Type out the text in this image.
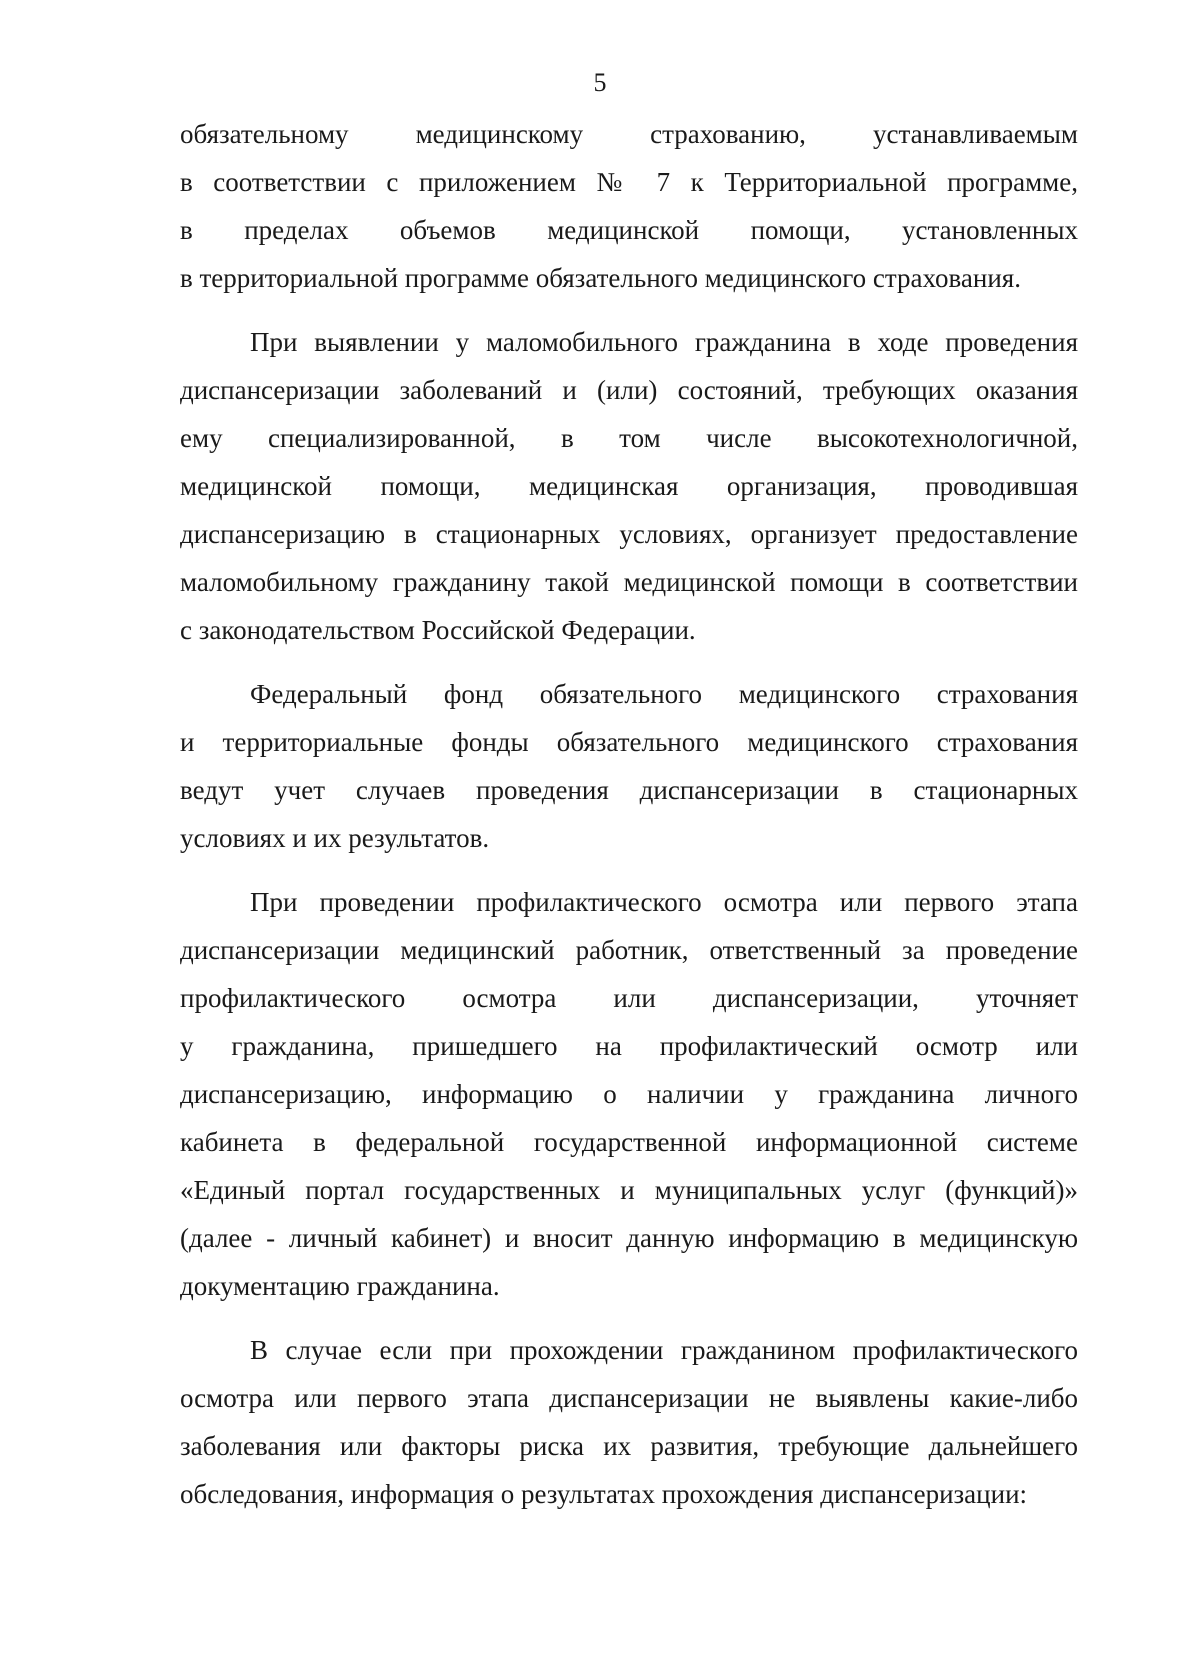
5
обязательному медицинскому страхованию, устанавливаемым
в соответствии с приложением № 7 к Территориальной программе,
в пределах объемов медицинской помощи, установленных
в территориальной программе обязательного медицинского страхования.
При выявлении у маломобильного гражданина в ходе проведения
диспансеризации заболеваний и (или) состояний, требующих оказания
ему специализированной, в том числе высокотехнологичной,
медицинской помощи, медицинская организация, проводившая
диспансеризацию в стационарных условиях, организует предоставление
маломобильному гражданину такой медицинской помощи в соответствии
с законодательством Российской Федерации.
Федеральный фонд обязательного медицинского страхования
и территориальные фонды обязательного медицинского страхования
ведут учет случаев проведения диспансеризации в стационарных
условиях и их результатов.
При проведении профилактического осмотра или первого этапа
диспансеризации медицинский работник, ответственный за проведение
профилактического осмотра или диспансеризации, уточняет
у гражданина, пришедшего на профилактический осмотр или
диспансеризацию, информацию о наличии у гражданина личного
кабинета в федеральной государственной информационной системе
«Единый портал государственных и муниципальных услуг (функций)»
(далее - личный кабинет) и вносит данную информацию в медицинскую
документацию гражданина.
В случае если при прохождении гражданином профилактического
осмотра или первого этапа диспансеризации не выявлены какие-либо
заболевания или факторы риска их развития, требующие дальнейшего
обследования, информация о результатах прохождения диспансеризации:
